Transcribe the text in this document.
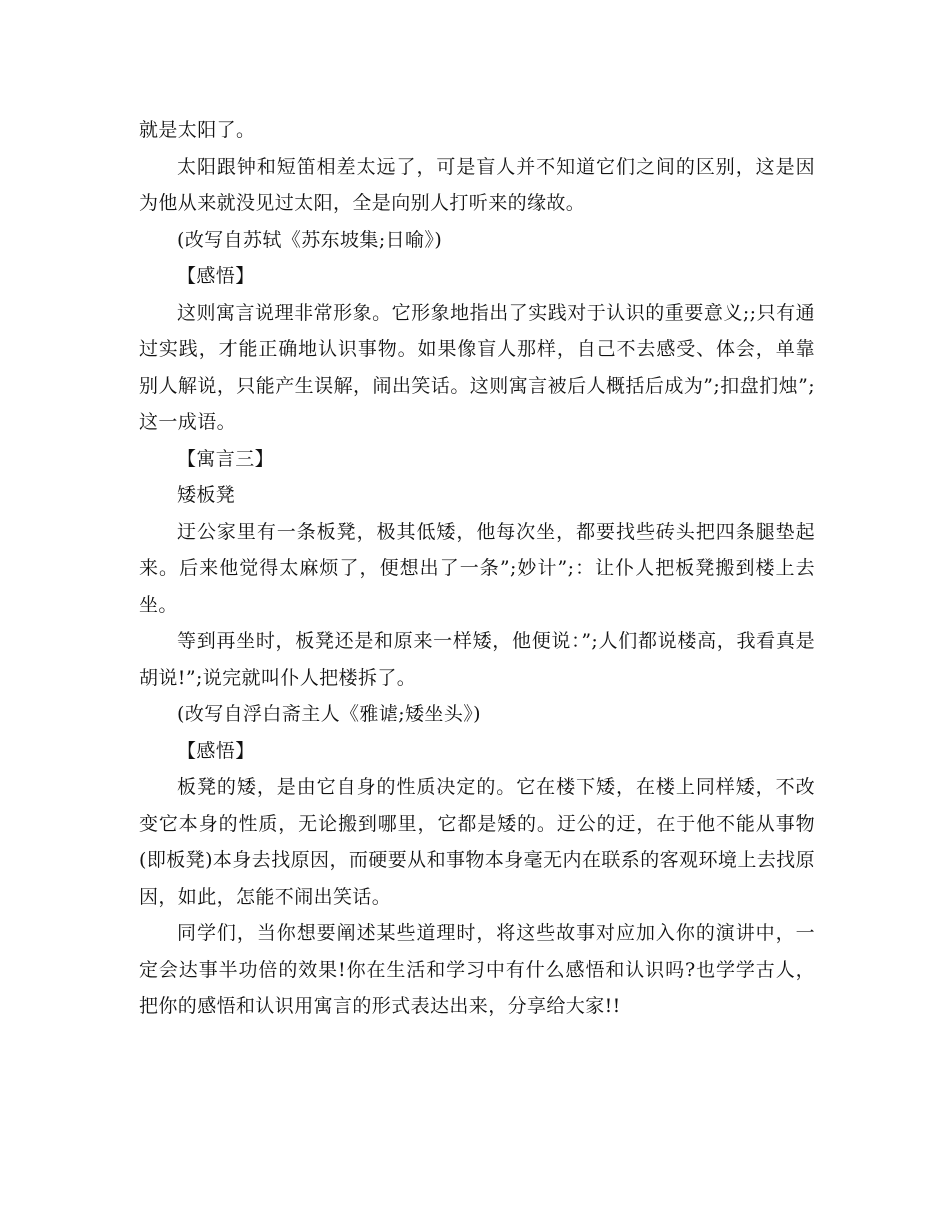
就是太阳了。

太阳跟钟和短笛相差太远了，可是盲人并不知道它们之间的区别，这是因为他从来就没见过太阳，全是向别人打听来的缘故。

(改写自苏轼《苏东坡集;日喻》)

【感悟】

这则寓言说理非常形象。它形象地指出了实践对于认识的重要意义;;只有通过实践，才能正确地认识事物。如果像盲人那样，自己不去感受、体会，单靠别人解说，只能产生误解，闹出笑话。这则寓言被后人概括后成为”;扣盘扪烛”;这一成语。

【寓言三】

矮板凳

迂公家里有一条板凳，极其低矮，他每次坐，都要找些砖头把四条腿垫起来。后来他觉得太麻烦了，便想出了一条”;妙计”;：让仆人把板凳搬到楼上去坐。

等到再坐时，板凳还是和原来一样矮，他便说：”;人们都说楼高，我看真是胡说!”;说完就叫仆人把楼拆了。

(改写自浮白斋主人《雅谑;矮坐头》)

【感悟】

板凳的矮，是由它自身的性质决定的。它在楼下矮，在楼上同样矮，不改变它本身的性质，无论搬到哪里，它都是矮的。迂公的迂，在于他不能从事物(即板凳)本身去找原因，而硬要从和事物本身毫无内在联系的客观环境上去找原因，如此，怎能不闹出笑话。

同学们，当你想要阐述某些道理时，将这些故事对应加入你的演讲中，一定会达事半功倍的效果!你在生活和学习中有什么感悟和认识吗?也学学古人，把你的感悟和认识用寓言的形式表达出来，分享给大家!!
